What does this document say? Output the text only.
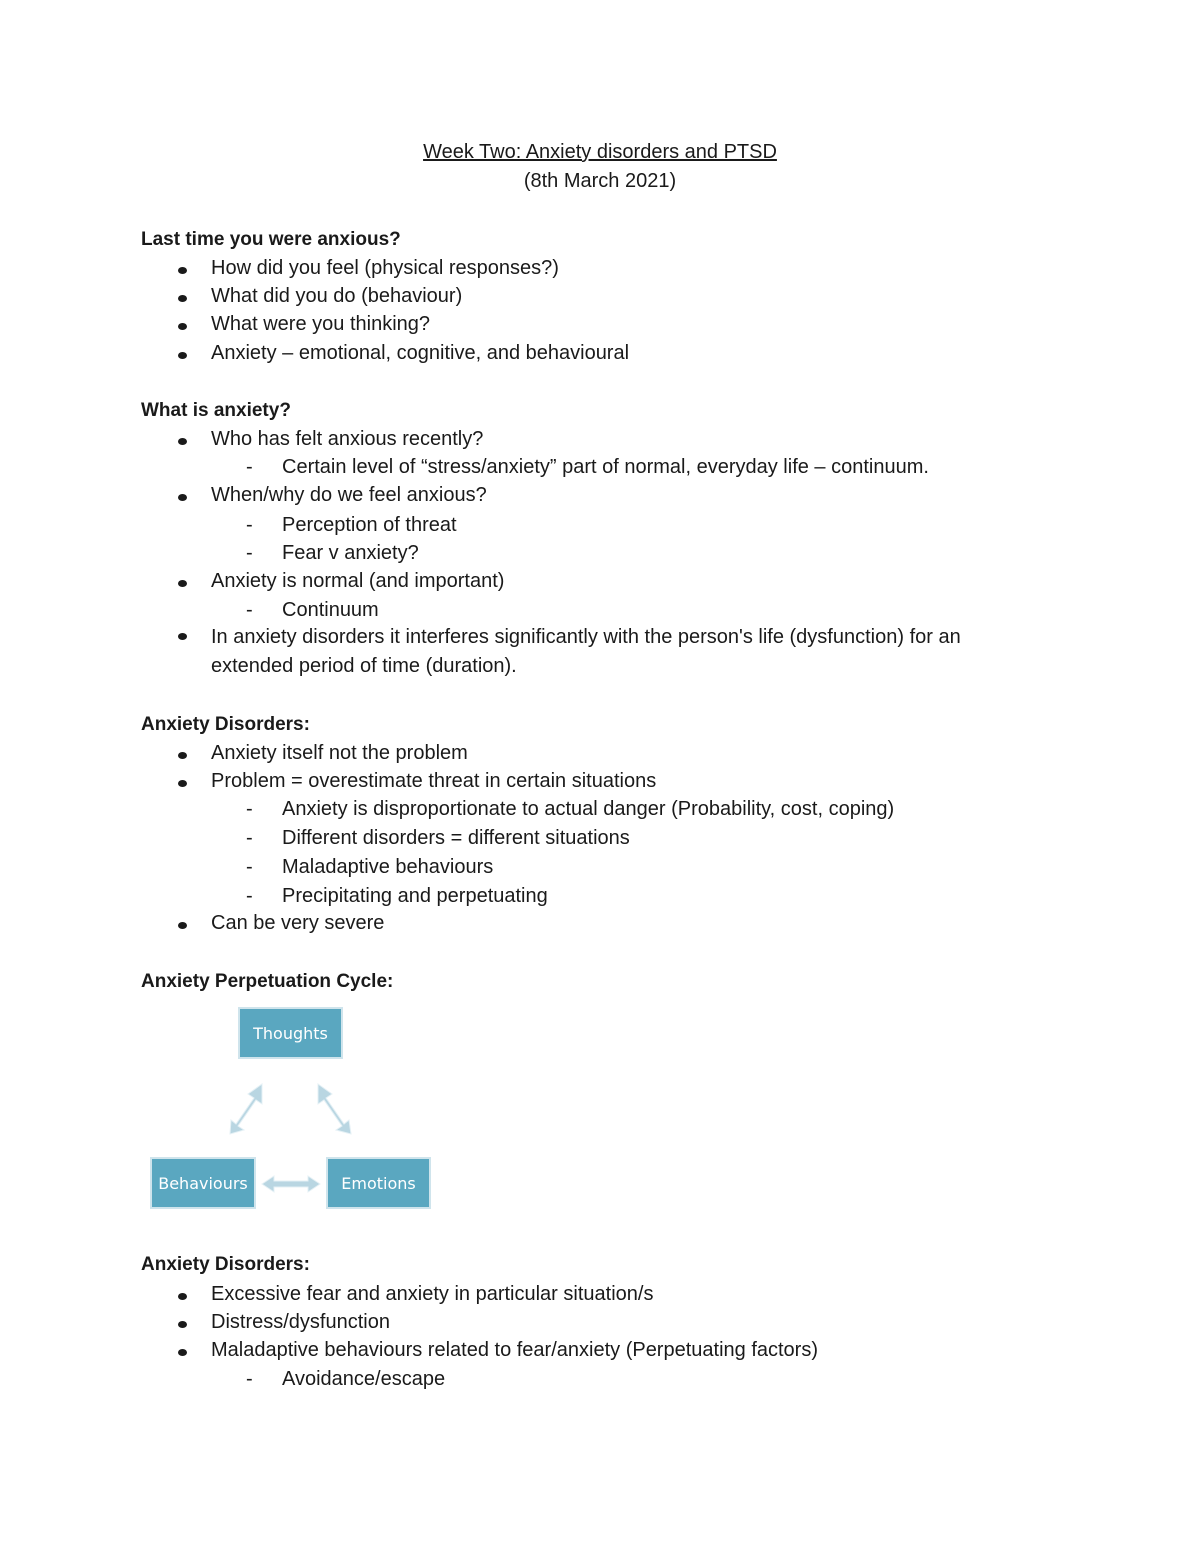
Week Two: Anxiety disorders and PTSD
(8th March 2021)
Last time you were anxious?
How did you feel (physical responses?)
What did you do (behaviour)
What were you thinking?
Anxiety – emotional, cognitive, and behavioural
What is anxiety?
Who has felt anxious recently?
- Certain level of “stress/anxiety” part of normal, everyday life – continuum.
When/why do we feel anxious?
- Perception of threat
- Fear v anxiety?
Anxiety is normal (and important)
- Continuum
In anxiety disorders it interferes significantly with the person's life (dysfunction) for an extended period of time (duration).
Anxiety Disorders:
Anxiety itself not the problem
Problem = overestimate threat in certain situations
- Anxiety is disproportionate to actual danger (Probability, cost, coping)
- Different disorders = different situations
- Maladaptive behaviours
- Precipitating and perpetuating
Can be very severe
Anxiety Perpetuation Cycle:
Thoughts
Behaviours	Emotions
Anxiety Disorders:
Excessive fear and anxiety in particular situation/s
Distress/dysfunction
Maladaptive behaviours related to fear/anxiety (Perpetuating factors)
- Avoidance/escape
